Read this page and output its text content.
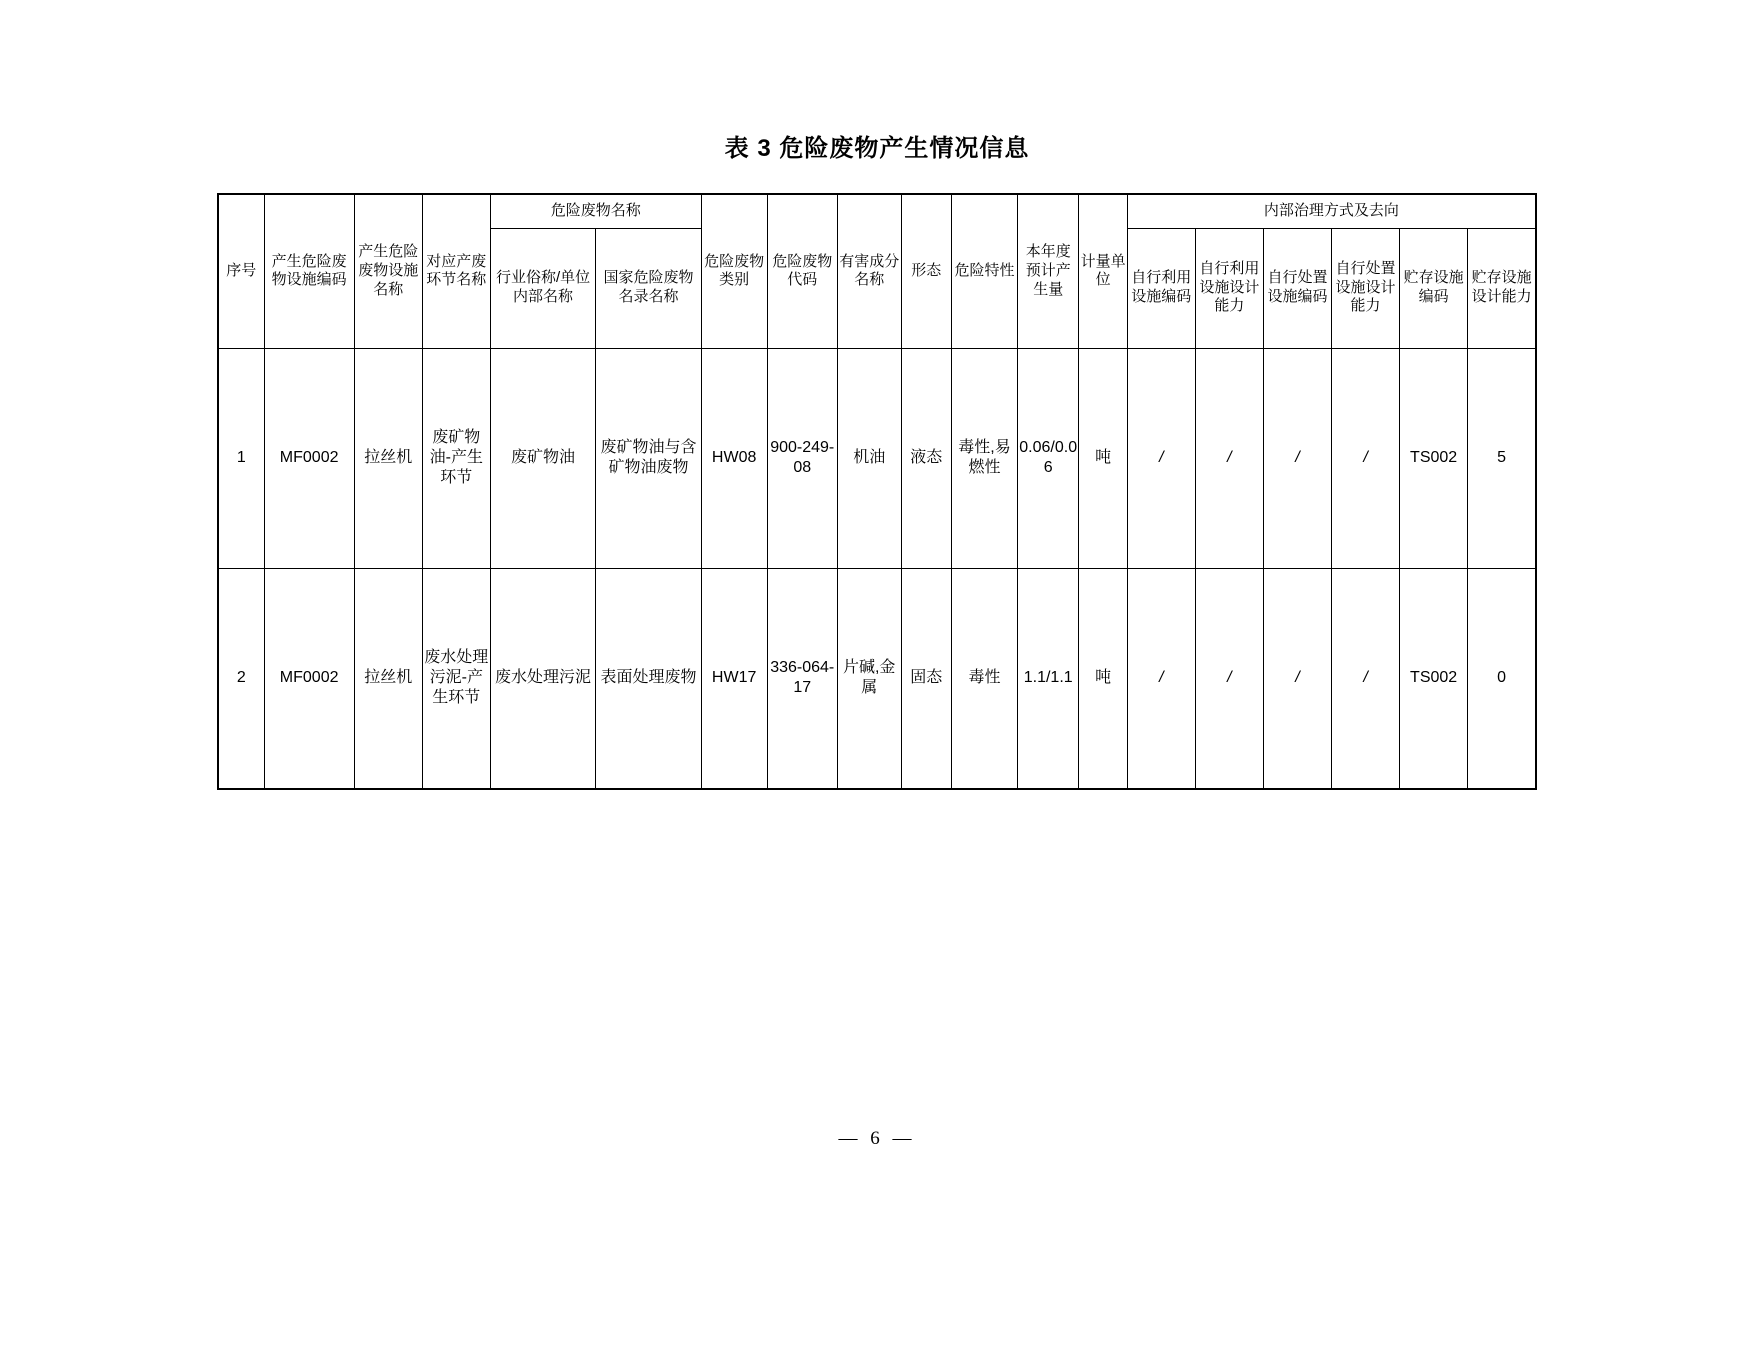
表 3 危险废物产生情况信息
序号	产生危险废物设施编码	产生危险废物设施名称	对应产废环节名称	危险废物名称		危险废物类别	危险废物代码	有害成分名称	形态	危险特性	本年度预计产生量	计量单位	内部治理方式及去向					
				行业俗称/单位内部名称	国家危险废物名录名称								自行利用设施编码	自行利用设施设计能力	自行处置设施编码	自行处置设施设计能力	贮存设施编码	贮存设施设计能力
1	MF0002	拉丝机	废矿物油-产生环节	废矿物油	废矿物油与含矿物油废物	HW08	900-249-08	机油	液态	毒性,易燃性	0.06/0.06	吨	/	/	/	/	TS002	5
2	MF0002	拉丝机	废水处理污泥-产生环节	废水处理污泥	表面处理废物	HW17	336-064-17	片碱,金属	固态	毒性	1.1/1.1	吨	/	/	/	/	TS002	0
— 6 —
